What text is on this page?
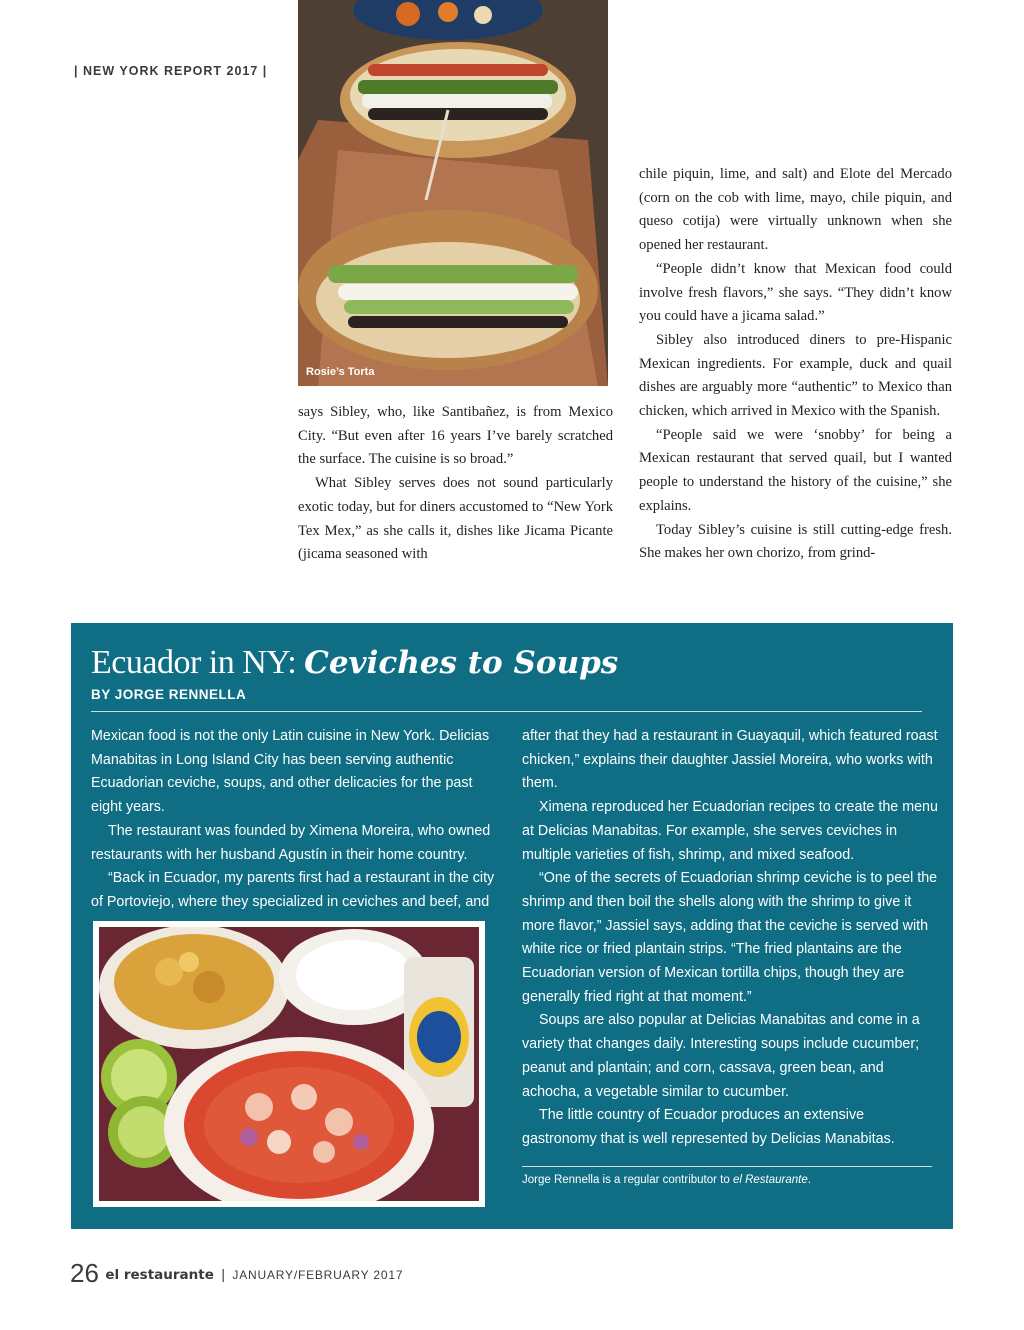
| NEW YORK REPORT 2017 |
Rosie’s Torta

says Sibley, who, like Santibañez, is from Mexico City. “But even after 16 years I’ve barely scratched the surface. The cuisine is so broad.”

What Sibley serves does not sound particularly exotic today, but for diners accustomed to “New York Tex Mex,” as she calls it, dishes like Jicama Picante (jicama seasoned with

chile piquin, lime, and salt) and Elote del Mercado (corn on the cob with lime, mayo, chile piquin, and queso cotija) were virtually unknown when she opened her restaurant.

“People didn’t know that Mexican food could involve fresh flavors,” she says. “They didn’t know you could have a jicama salad.”

Sibley also introduced diners to pre-Hispanic Mexican ingredients. For example, duck and quail dishes are arguably more “authentic” to Mexico than chicken, which arrived in Mexico with the Spanish.

“People said we were ‘snobby’ for being a Mexican restaurant that served quail, but I wanted people to understand the history of the cuisine,” she explains.

Today Sibley’s cuisine is still cutting-edge fresh. She makes her own chorizo, from grind-

Ecuador in NY: Ceviches to Soups
BY JORGE RENNELLA

Mexican food is not the only Latin cuisine in New York. Delicias Manabitas in Long Island City has been serving authentic Ecuadorian ceviche, soups, and other delicacies for the past eight years.

The restaurant was founded by Ximena Moreira, who owned restaurants with her husband Agustín in their home country.

“Back in Ecuador, my parents first had a restaurant in the city of Portoviejo, where they specialized in ceviches and beef, and

after that they had a restaurant in Guayaquil, which featured roast chicken,” explains their daughter Jassiel Moreira, who works with them.

Ximena reproduced her Ecuadorian recipes to create the menu at Delicias Manabitas. For example, she serves ceviches in multiple varieties of fish, shrimp, and mixed seafood.

“One of the secrets of Ecuadorian shrimp ceviche is to peel the shrimp and then boil the shells along with the shrimp to give it more flavor,” Jassiel says, adding that the ceviche is served with white rice or fried plantain strips. “The fried plantains are the Ecuadorian version of Mexican tortilla chips, though they are generally fried right at that moment.”

Soups are also popular at Delicias Manabitas and come in a variety that changes daily. Interesting soups include cucumber; peanut and plantain; and corn, cassava, green bean, and achocha, a vegetable similar to cucumber.

The little country of Ecuador produces an extensive gastronomy that is well represented by Delicias Manabitas.

Jorge Rennella is a regular contributor to el Restaurante.
26 el restaurante | JANUARY/FEBRUARY 2017
